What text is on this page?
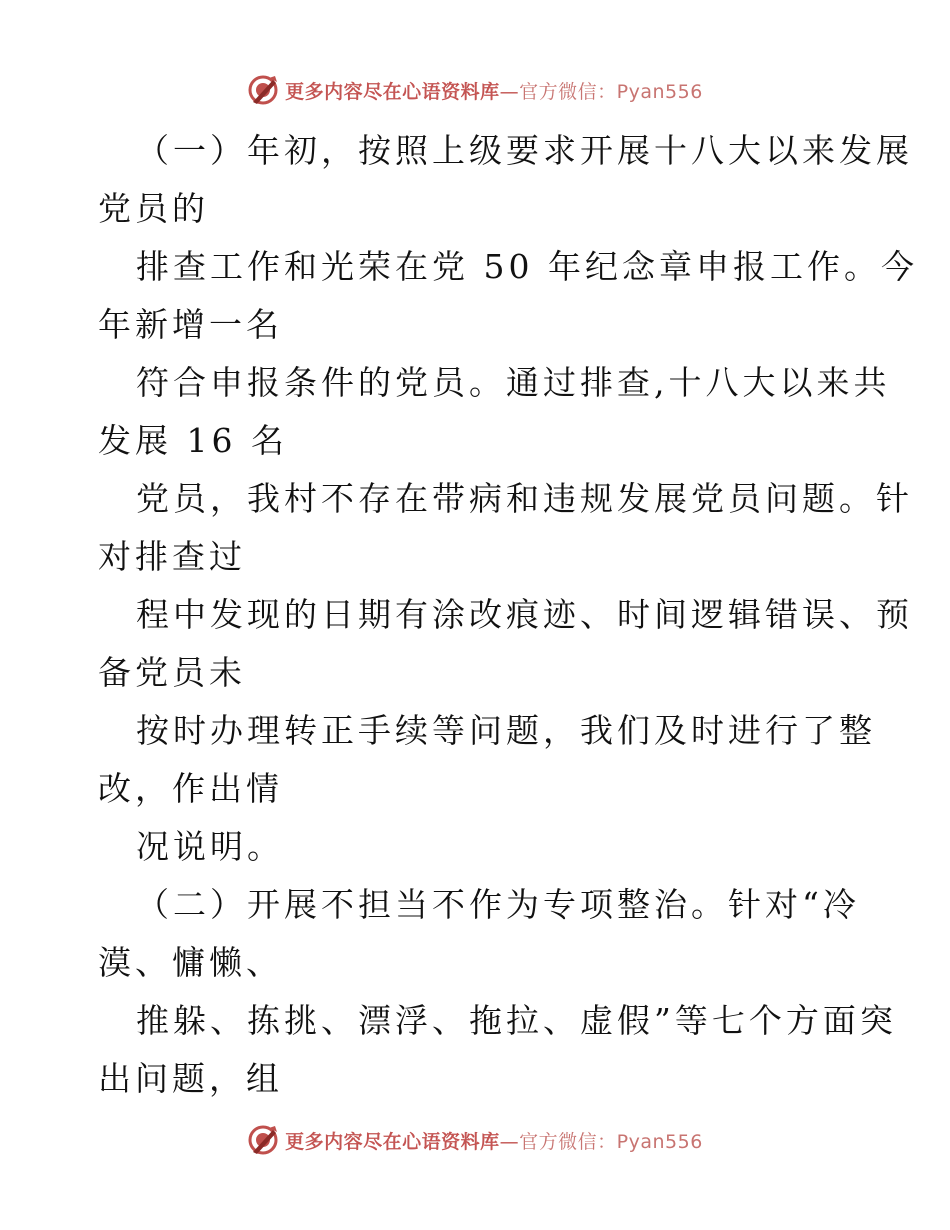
更多内容尽在心语资料库—官方微信：Pyan556
（一）年初，按照上级要求开展十八大以来发展
党员的
排查工作和光荣在党 50 年纪念章申报工作。今
年新增一名
符合申报条件的党员。通过排查,十八大以来共
发展 16 名
党员，我村不存在带病和违规发展党员问题。针
对排查过
程中发现的日期有涂改痕迹、时间逻辑错误、预
备党员未
按时办理转正手续等问题，我们及时进行了整
改，作出情
况说明。
（二）开展不担当不作为专项整治。针对“冷
漠、慵懒、
推躲、拣挑、漂浮、拖拉、虚假”等七个方面突
出问题，组
更多内容尽在心语资料库—官方微信：Pyan556
